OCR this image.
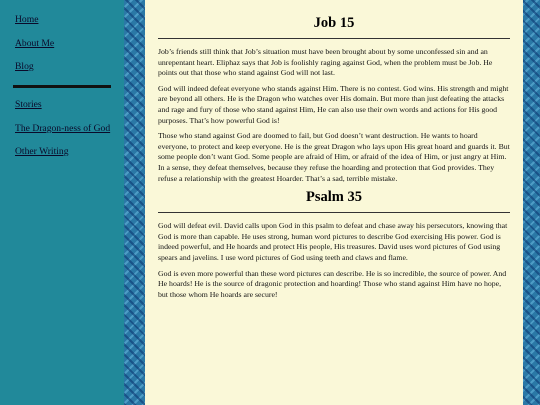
Home
About Me
Blog
Stories
The Dragon-ness of God
Other Writing
Job 15

Job’s friends still think that Job’s situation must have been brought about by some unconfessed sin and an unrepentant heart. Eliphaz says that Job is foolishly raging against God, when the problem must be Job. He points out that those who stand against God will not last.

God will indeed defeat everyone who stands against Him. There is no contest. God wins. His strength and might are beyond all others. He is the Dragon who watches over His domain. But more than just defeating the attacks and rage and fury of those who stand against Him, He can also use their own words and actions for His good purposes. That’s how powerful God is!

Those who stand against God are doomed to fail, but God doesn’t want destruction. He wants to hoard everyone, to protect and keep everyone. He is the great Dragon who lays upon His great hoard and guards it. But some people don’t want God. Some people are afraid of Him, or afraid of the idea of Him, or just angry at Him. In a sense, they defeat themselves, because they refuse the hoarding and protection that God provides. They refuse a relationship with the greatest Hoarder. That’s a sad, terrible mistake.

Psalm 35

God will defeat evil. David calls upon God in this psalm to defeat and chase away his persecutors, knowing that God is more than capable. He uses strong, human word pictures to describe God exercising His power. God is indeed powerful, and He hoards and protect His people, His treasures. David uses word pictures of God using spears and javelins. I use word pictures of God using teeth and claws and flame.

God is even more powerful than these word pictures can describe. He is so incredible, the source of power. And He hoards! He is the source of dragonic protection and hoarding! Those who stand against Him have no hope, but those whom He hoards are secure!
